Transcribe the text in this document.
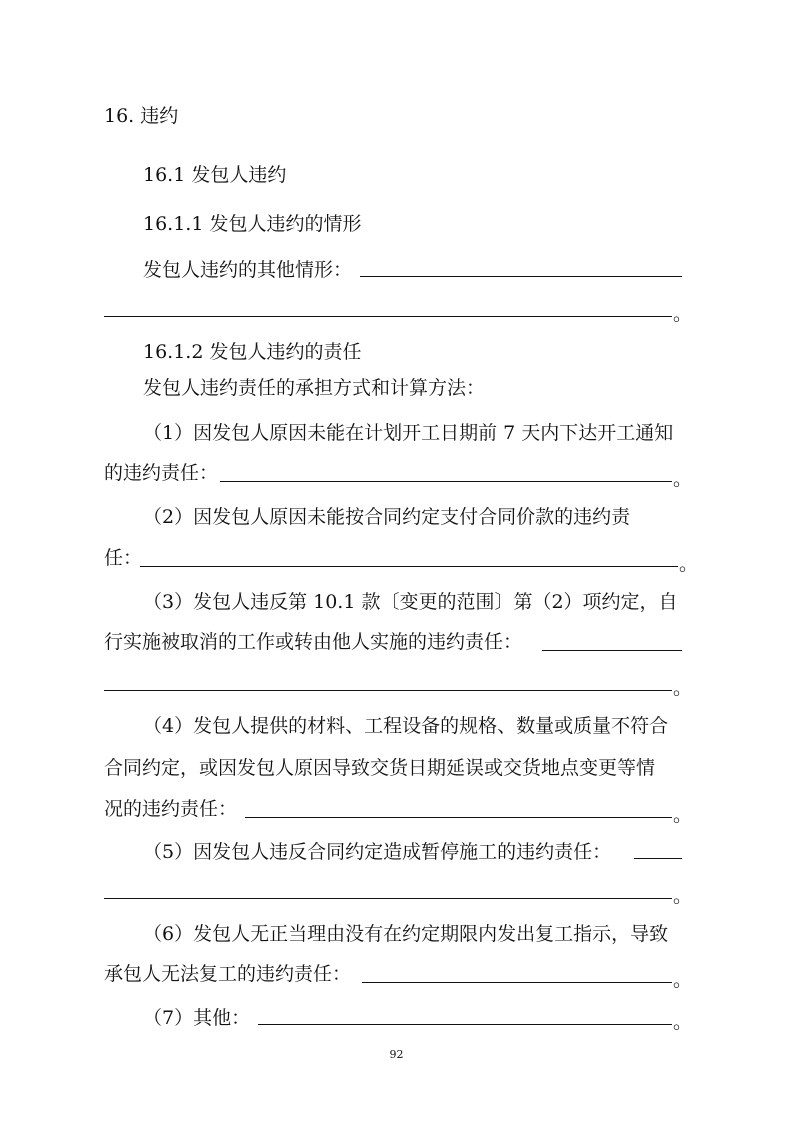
16. 违约
16.1 发包人违约
16.1.1 发包人违约的情形
发包人违约的其他情形：
。
16.1.2 发包人违约的责任
发包人违约责任的承担方式和计算方法：
（1）因发包人原因未能在计划开工日期前 7 天内下达开工通知
的违约责任：	。
（2）因发包人原因未能按合同约定支付合同价款的违约责
任：	。
（3）发包人违反第 10.1 款〔变更的范围〕第（2）项约定，自
行实施被取消的工作或转由他人实施的违约责任：
。
（4）发包人提供的材料、工程设备的规格、数量或质量不符合
合同约定，或因发包人原因导致交货日期延误或交货地点变更等情
况的违约责任：	。
（5）因发包人违反合同约定造成暂停施工的违约责任：
。
（6）发包人无正当理由没有在约定期限内发出复工指示，导致
承包人无法复工的违约责任：	。
（7）其他：	。
92
